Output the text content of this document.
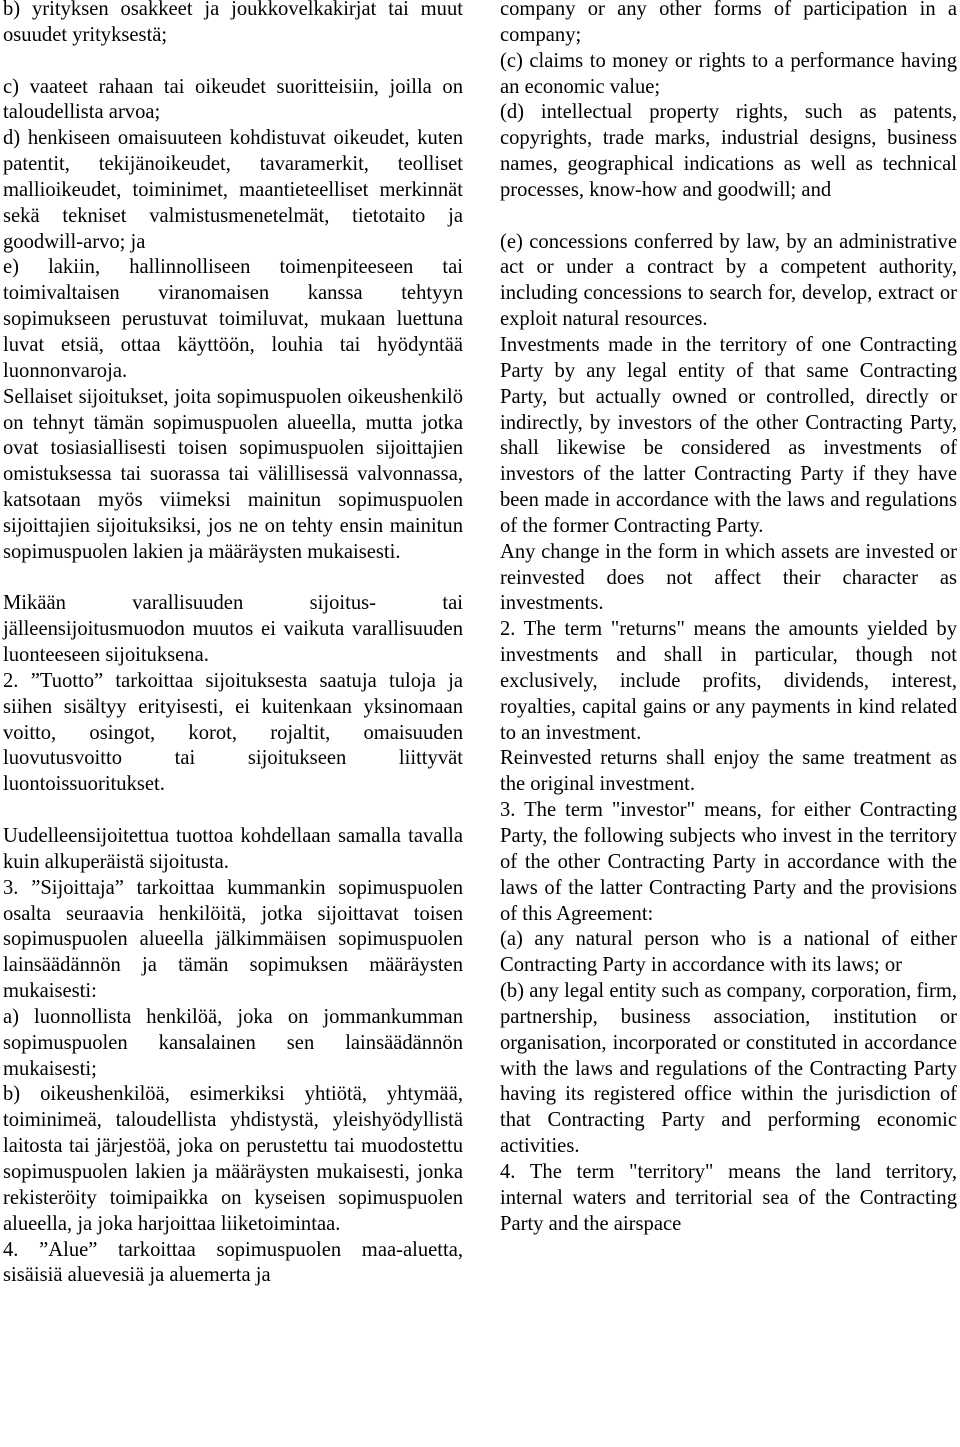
b) yrityksen osakkeet ja joukkovelkakirjat tai muut osuudet yrityksestä;

c) vaateet rahaan tai oikeudet suoritteisiin, joilla on taloudellista arvoa;

d) henkiseen omaisuuteen kohdistuvat oikeudet, kuten patentit, tekijänoikeudet, tavaramerkit, teolliset mallioikeudet, toiminimet, maantieteelliset merkinnät sekä tekniset valmistusmenetelmät, tietotaito ja goodwill-arvo; ja

e) lakiin, hallinnolliseen toimenpiteeseen tai toimivaltaisen viranomaisen kanssa tehtyyn sopimukseen perustuvat toimiluvat, mukaan luettuna luvat etsiä, ottaa käyttöön, louhia tai hyödyntää luonnonvaroja.

Sellaiset sijoitukset, joita sopimuspuolen oikeushenkilö on tehnyt tämän sopimuspuolen alueella, mutta jotka ovat tosiasiallisesti toisen sopimuspuolen sijoittajien omistuksessa tai suorassa tai välillisessä valvonnassa, katsotaan myös viimeksi mainitun sopimuspuolen sijoittajien sijoituksiksi, jos ne on tehty ensin mainitun sopimuspuolen lakien ja määräysten mukaisesti.

Mikään varallisuuden sijoitus- tai jälleensijoitusmuodon muutos ei vaikuta varallisuuden luonteeseen sijoituksena.

2. ”Tuotto” tarkoittaa sijoituksesta saatuja tuloja ja siihen sisältyy erityisesti, ei kuitenkaan yksinomaan voitto, osingot, korot, rojaltit, omaisuuden luovutusvoitto tai sijoitukseen liittyvät luontoissuoritukset.

Uudelleensijoitettua tuottoa kohdellaan samalla tavalla kuin alkuperäistä sijoitusta.

3. ”Sijoittaja” tarkoittaa kummankin sopimuspuolen osalta seuraavia henkilöitä, jotka sijoittavat toisen sopimuspuolen alueella jälkimmäisen sopimuspuolen lainsäädännön ja tämän sopimuksen määräysten mukaisesti:

a) luonnollista henkilöä, joka on jommankumman sopimuspuolen kansalainen sen lainsäädännön mukaisesti;

b) oikeushenkilöä, esimerkiksi yhtiötä, yhtymää, toiminimeä, taloudellista yhdistystä, yleishyödyllistä laitosta tai järjestöä, joka on perustettu tai muodostettu sopimuspuolen lakien ja määräysten mukaisesti, jonka rekisteröity toimipaikka on kyseisen sopimuspuolen alueella, ja joka harjoittaa liiketoimintaa.

4. ”Alue” tarkoittaa sopimuspuolen maa-aluetta, sisäisiä aluevesiä ja aluemerta ja

company or any other forms of participation in a company;

(c) claims to money or rights to a performance having an economic value;

(d) intellectual property rights, such as patents, copyrights, trade marks, industrial designs, business names, geographical indications as well as technical processes, know-how and goodwill; and

(e) concessions conferred by law, by an administrative act or under a contract by a competent authority, including concessions to search for, develop, extract or exploit natural resources.

Investments made in the territory of one Contracting Party by any legal entity of that same Contracting Party, but actually owned or controlled, directly or indirectly, by investors of the other Contracting Party, shall likewise be considered as investments of investors of the latter Contracting Party if they have been made in accordance with the laws and regulations of the former Contracting Party.

Any change in the form in which assets are invested or reinvested does not affect their character as investments.

2. The term "returns" means the amounts yielded by investments and shall in particular, though not exclusively, include profits, dividends, interest, royalties, capital gains or any payments in kind related to an investment.

Reinvested returns shall enjoy the same treatment as the original investment.

3. The term "investor" means, for either Contracting Party, the following subjects who invest in the territory of the other Contracting Party in accordance with the laws of the latter Contracting Party and the provisions of this Agreement:

(a) any natural person who is a national of either Contracting Party in accordance with its laws; or

(b) any legal entity such as company, corporation, firm, partnership, business association, institution or organisation, incorporated or constituted in accordance with the laws and regulations of the Contracting Party having its registered office within the jurisdiction of that Contracting Party and performing economic activities.

4. The term "territory" means the land territory, internal waters and territorial sea of the Contracting Party and the airspace
